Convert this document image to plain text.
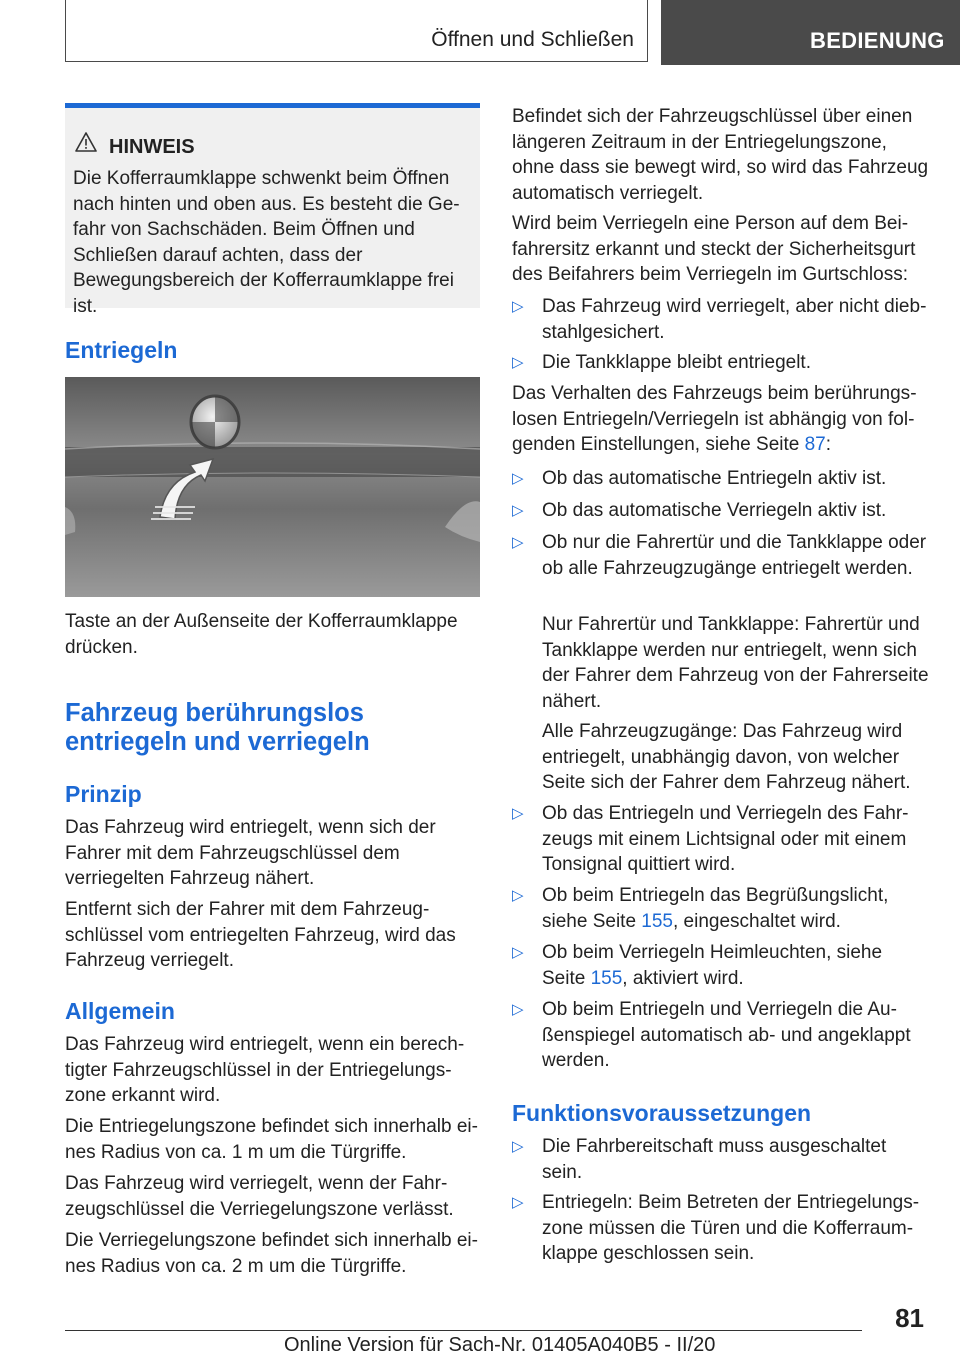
Öffnen und Schließen	BEDIENUNG
HINWEIS

Die Kofferraumklappe schwenkt beim Öffnen nach hinten und oben aus. Es besteht die Gefahr von Sachschäden. Beim Öffnen und Schließen darauf achten, dass der Bewegungsbereich der Kofferraumklappe frei ist.

Entriegeln

Taste an der Außenseite der Kofferraumklappe drücken.

Fahrzeug berührungslos
entriegeln und verriegeln
Prinzip

Das Fahrzeug wird entriegelt, wenn sich der Fahrer mit dem Fahrzeugschlüssel dem verriegelten Fahrzeug nähert.

Entfernt sich der Fahrer mit dem Fahrzeugschlüssel vom entriegelten Fahrzeug, wird das Fahrzeug verriegelt.

Allgemein

Das Fahrzeug wird entriegelt, wenn ein berechtigter Fahrzeugschlüssel in der Entriegelungszone erkannt wird.

Die Entriegelungszone befindet sich innerhalb eines Radius von ca. 1 m um die Türgriffe.

Das Fahrzeug wird verriegelt, wenn der Fahrzeugschlüssel die Verriegelungszone verlässt.

Die Verriegelungszone befindet sich innerhalb eines Radius von ca. 2 m um die Türgriffe.

Befindet sich der Fahrzeugschlüssel über einen längeren Zeitraum in der Entriegelungszone, ohne dass sie bewegt wird, so wird das Fahrzeug automatisch verriegelt.

Wird beim Verriegeln eine Person auf dem Beifahrersitz erkannt und steckt der Sicherheitsgurt des Beifahrers beim Verriegeln im Gurtschloss:

▷ Das Fahrzeug wird verriegelt, aber nicht diebstahlgesichert.
▷ Die Tankklappe bleibt entriegelt.

Das Verhalten des Fahrzeugs beim berührungslosen Entriegeln/Verriegeln ist abhängig von folgenden Einstellungen, siehe Seite 87:

▷ Ob das automatische Entriegeln aktiv ist.
▷ Ob das automatische Verriegeln aktiv ist.
▷ Ob nur die Fahrertür und die Tankklappe oder ob alle Fahrzeugzugänge entriegelt werden.

Nur Fahrertür und Tankklappe: Fahrertür und Tankklappe werden nur entriegelt, wenn sich der Fahrer dem Fahrzeug von der Fahrerseite nähert.

Alle Fahrzeugzugänge: Das Fahrzeug wird entriegelt, unabhängig davon, von welcher Seite sich der Fahrer dem Fahrzeug nähert.

▷ Ob das Entriegeln und Verriegeln des Fahrzeugs mit einem Lichtsignal oder mit einem Tonsignal quittiert wird.
▷ Ob beim Entriegeln das Begrüßungslicht, siehe Seite 155, eingeschaltet wird.
▷ Ob beim Verriegeln Heimleuchten, siehe Seite 155, aktiviert wird.
▷ Ob beim Entriegeln und Verriegeln die Außenspiegel automatisch ab- und angeklappt werden.
Funktionsvoraussetzungen
▷ Die Fahrbereitschaft muss ausgeschaltet sein.
▷ Entriegeln: Beim Betreten der Entriegelungszone müssen die Türen und die Kofferraumklappe geschlossen sein.
81
Online Version für Sach-Nr. 01405A040B5 - II/20
